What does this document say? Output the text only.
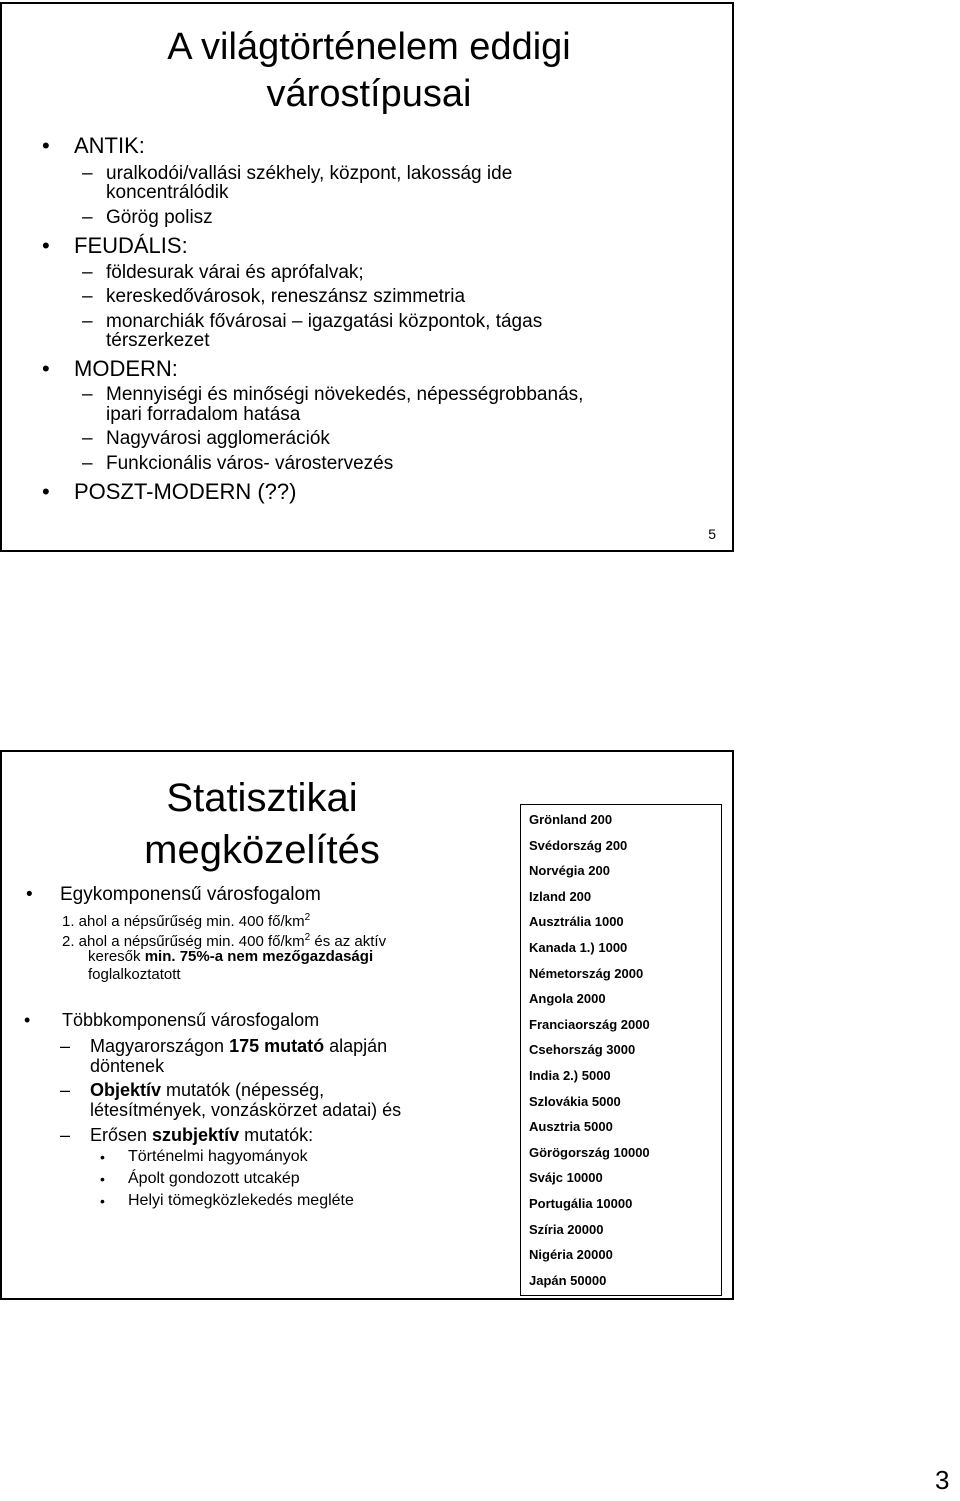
A világtörténelem eddigi
várostípusai
• ANTIK:
– uralkodói/vallási székhely, központ, lakosság ide
koncentrálódik
– Görög polisz
• FEUDÁLIS:
– földesurak várai és aprófalvak;
– kereskedővárosok, reneszánsz szimmetria
– monarchiák fővárosai – igazgatási központok, tágas
térszerkezet
• MODERN:
– Mennyiségi és minőségi növekedés, népességrobbanás,
ipari forradalom hatása
– Nagyvárosi agglomerációk
– Funkcionális város- várostervezés
• POSZT-MODERN (??)
5
Statisztikai
megközelítés
• Egykomponensű városfogalom
1. ahol a népsűrűség min. 400 $fő/km^2$
2. ahol a népsűrűség min. 400 $fő/km^2$ és az aktív
keresők min. 75%-a nem mezőgazdasági
foglalkoztatott
• Többkomponensű városfogalom
– Magyarországon 175 mutató alapján
döntenek
– Objektív mutatók (népesség,
létesítmények, vonzáskörzet adatai) és
– Erősen szubjektív mutatók:
• Történelmi hagyományok
• Ápolt gondozott utcakép
• Helyi tömegközlekedés megléte
Grönland 200
Svédország 200
Norvégia 200
Izland 200
Ausztrália 1000
Kanada 1.) 1000
Németország 2000
Angola 2000
Franciaország 2000
Csehország 3000
India 2.) 5000
Szlovákia 5000
Ausztria 5000
Görögország 10000
Svájc 10000
Portugália 10000
Szíria 20000
Nigéria 20000
Japán 50000
3
